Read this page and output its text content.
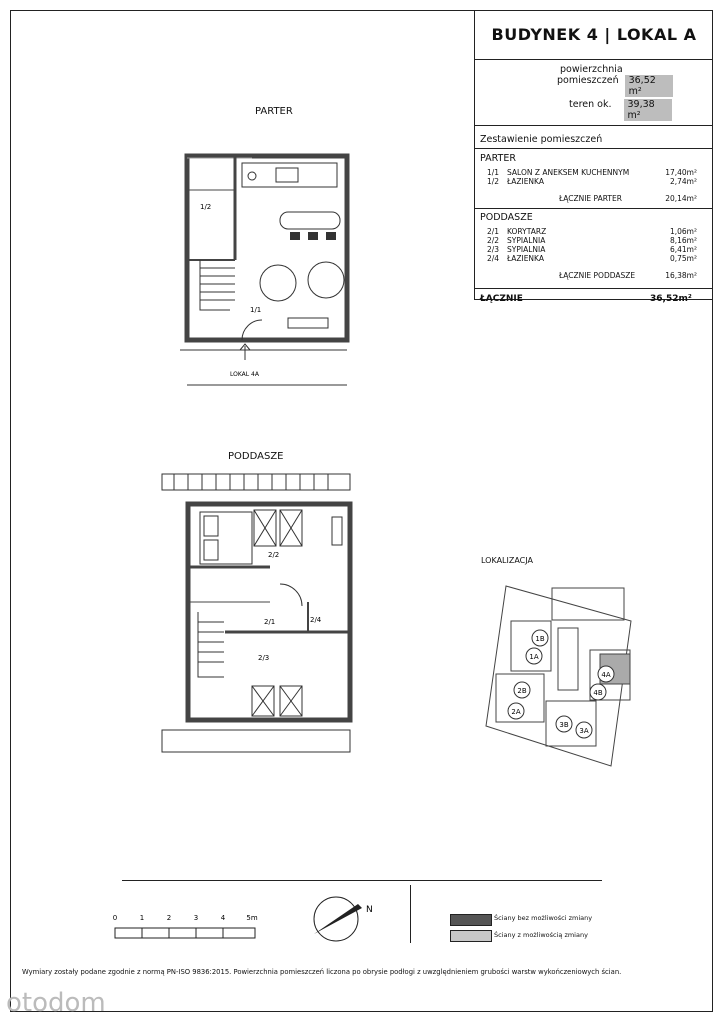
BUDYNEK 4 | LOKAL A
powierzchnia
pomieszczeń	36,52 m²
teren ok.	39,38 m²
Zestawienie pomieszczeń
PARTER
1/1	SALON Z ANEKSEM KUCHENNYM	17,40m²
1/2	ŁAZIENKA	2,74m²
ŁĄCZNIE PARTER	20,14m²
PODDASZE
2/1	KORYTARZ	1,06m²
2/2	SYPIALNIA	8,16m²
2/3	SYPIALNIA	6,41m²
2/4	ŁAZIENKA	0,75m²
ŁĄCZNIE PODDASZE	16,38m²
ŁĄCZNIE	36,52m²
PARTER
1/2
1/1
LOKAL 4A
PODDASZE
2/2
2/1	2/4
2/3
LOKALIZACJA
1B
1A
2B
2A
3B
3A
4A
4B
0	1	2	3	4	5m
N
Ściany bez możliwości zmiany
Ściany z możliwością zmiany
Wymiary zostały podane zgodnie z normą PN-ISO 9836:2015. Powierzchnia pomieszczeń liczona po obrysie podłogi z uwzględnieniem grubości warstw wykończeniowych ścian.
otodom
